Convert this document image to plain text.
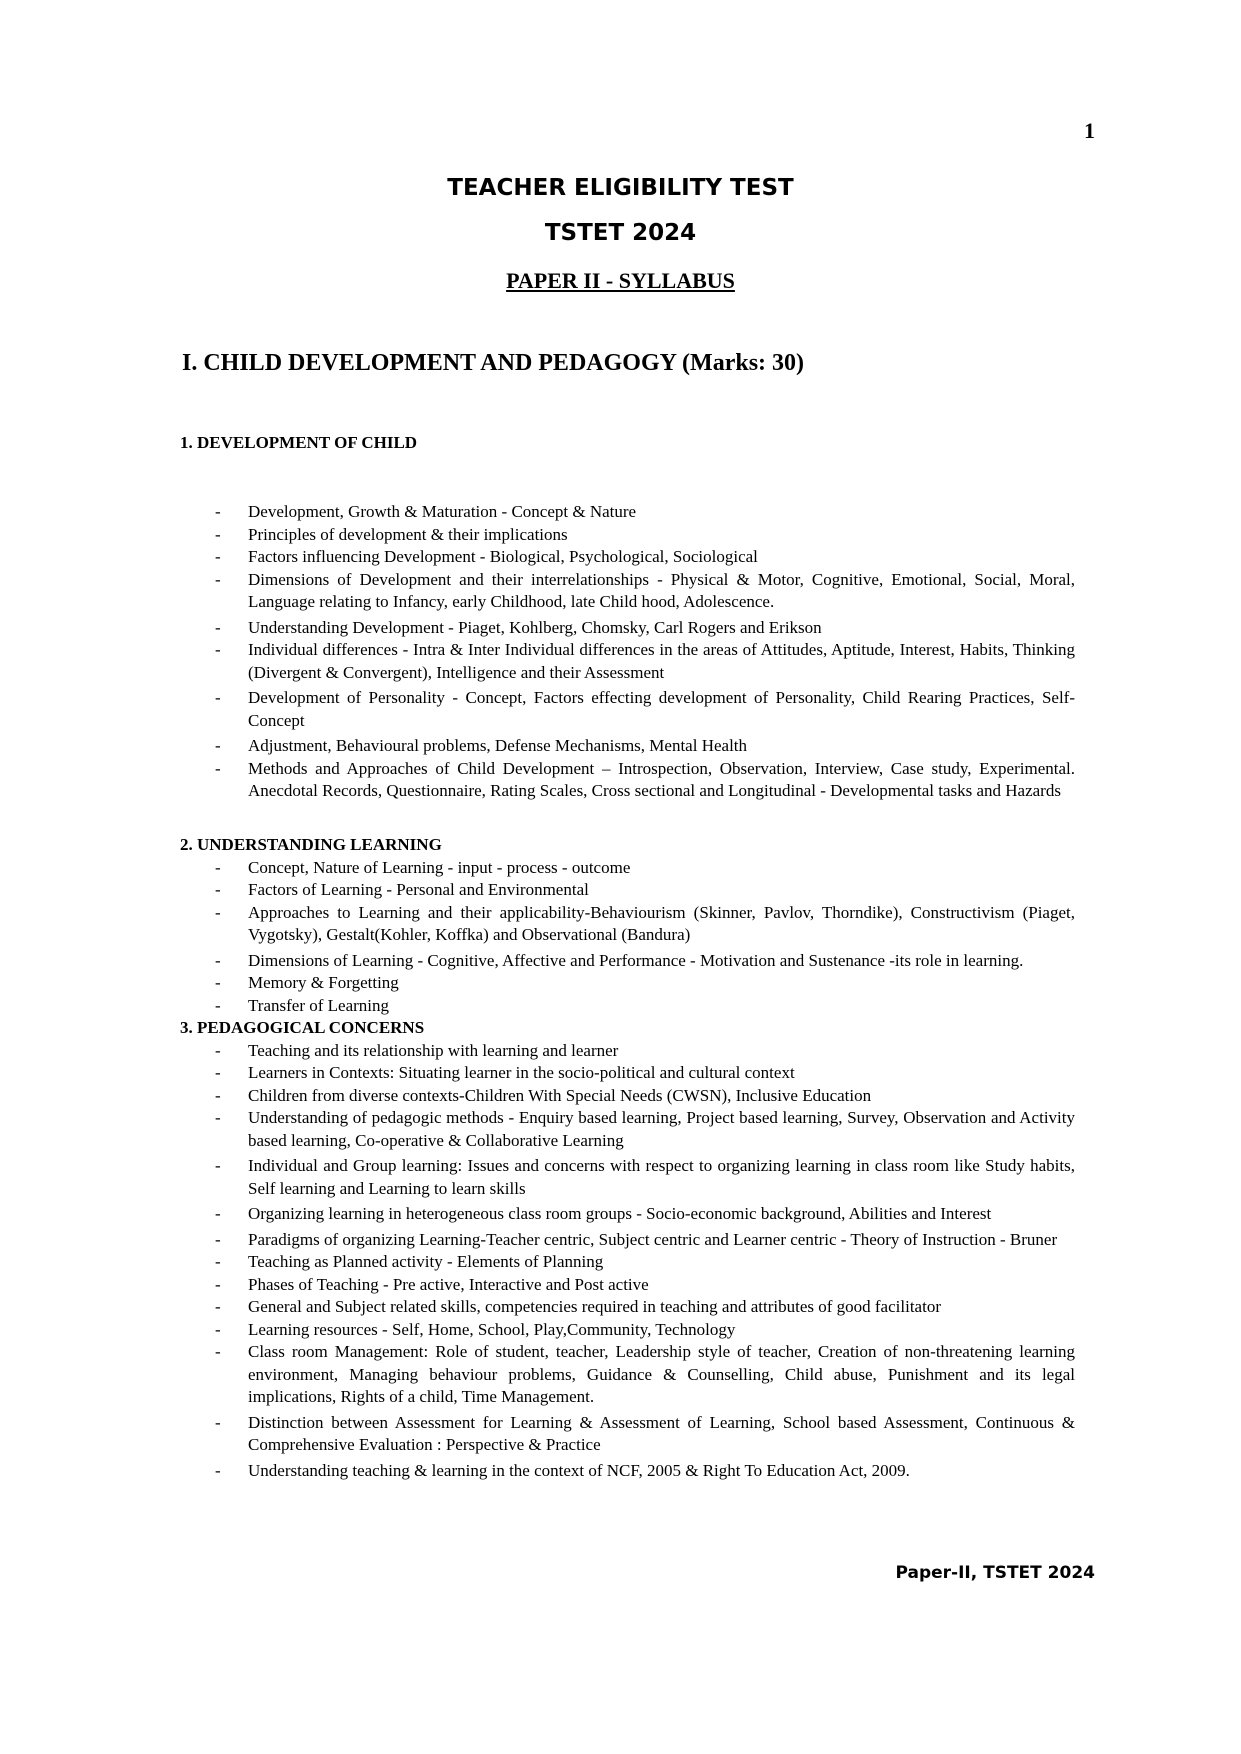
1
TEACHER ELIGIBILITY TEST
TSTET 2024
PAPER II - SYLLABUS
I. CHILD DEVELOPMENT AND PEDAGOGY (Marks: 30)
1. DEVELOPMENT OF CHILD
- Development, Growth & Maturation - Concept & Nature
- Principles of development & their implications
- Factors influencing Development - Biological, Psychological, Sociological
- Dimensions of Development and their interrelationships - Physical & Motor, Cognitive, Emotional, Social, Moral, Language relating to Infancy, early Childhood, late Child hood, Adolescence.
- Understanding Development - Piaget, Kohlberg, Chomsky, Carl Rogers and Erikson
- Individual differences - Intra & Inter Individual differences in the areas of Attitudes, Aptitude, Interest, Habits, Thinking (Divergent & Convergent), Intelligence and their Assessment
- Development of Personality - Concept, Factors effecting development of Personality, Child Rearing Practices, Self-Concept
- Adjustment, Behavioural problems, Defense Mechanisms, Mental Health
- Methods and Approaches of Child Development – Introspection, Observation, Interview, Case study, Experimental. Anecdotal Records, Questionnaire, Rating Scales, Cross sectional and Longitudinal - Developmental tasks and Hazards
2. UNDERSTANDING LEARNING
- Concept, Nature of Learning - input - process - outcome
- Factors of Learning - Personal and Environmental
- Approaches to Learning and their applicability-Behaviourism (Skinner, Pavlov, Thorndike), Constructivism (Piaget, Vygotsky), Gestalt(Kohler, Koffka) and Observational (Bandura)
- Dimensions of Learning - Cognitive, Affective and Performance - Motivation and Sustenance -its role in learning.
- Memory & Forgetting
- Transfer of Learning
3. PEDAGOGICAL CONCERNS
- Teaching and its relationship with learning and learner
- Learners in Contexts: Situating learner in the socio-political and cultural context
- Children from diverse contexts-Children With Special Needs (CWSN), Inclusive Education
- Understanding of pedagogic methods - Enquiry based learning, Project based learning, Survey, Observation and Activity based learning, Co-operative & Collaborative Learning
- Individual and Group learning: Issues and concerns with respect to organizing learning in class room like Study habits, Self learning and Learning to learn skills
- Organizing learning in heterogeneous class room groups - Socio-economic background, Abilities and Interest
- Paradigms of organizing Learning-Teacher centric, Subject centric and Learner centric - Theory of Instruction - Bruner
- Teaching as Planned activity - Elements of Planning
- Phases of Teaching - Pre active, Interactive and Post active
- General and Subject related skills, competencies required in teaching and attributes of good facilitator
- Learning resources - Self, Home, School, Play,Community, Technology
- Class room Management: Role of student, teacher, Leadership style of teacher, Creation of non-threatening learning environment, Managing behaviour problems, Guidance & Counselling, Child abuse, Punishment and its legal implications, Rights of a child, Time Management.
- Distinction between Assessment for Learning & Assessment of Learning, School based Assessment, Continuous & Comprehensive Evaluation : Perspective & Practice
- Understanding teaching & learning in the context of NCF, 2005 & Right To Education Act, 2009.
Paper-II, TSTET 2024
